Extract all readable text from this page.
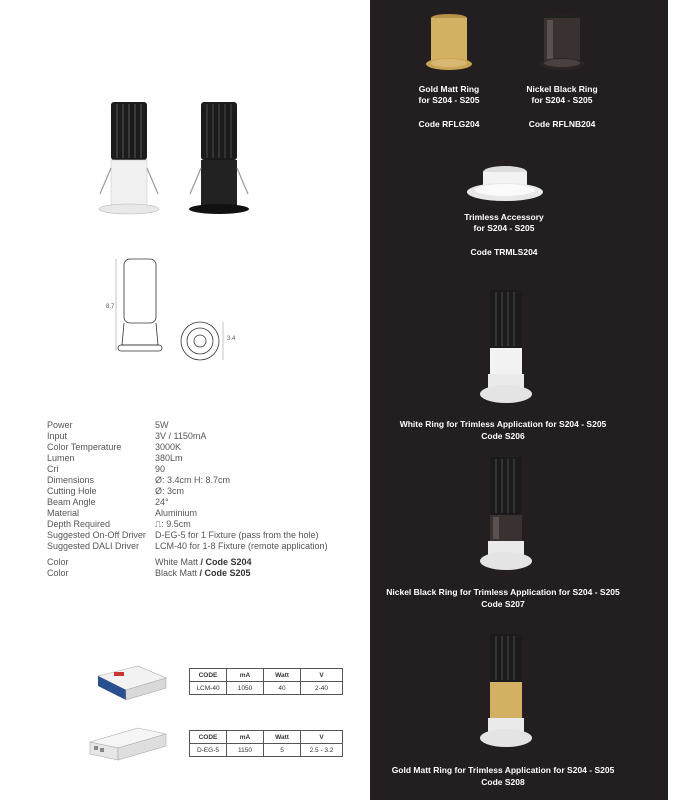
8.7
3.4
Power	5W
Input	3V / 1150mA
Color Temperature	3000K
Lumen	380Lm
Cri	90
Dimensions	Ø: 3.4cm H: 8.7cm
Cutting Hole	Ø: 3cm
Beam Angle	24°
Material	Aluminium
Depth Required	⎍: 9.5cm
Suggested On-Off Driver	D-EG-5 for 1 Fixture (pass from the hole)
Suggested DALI Driver	LCM-40 for 1-8 Fixture (remote application)
Color	White Matt / Code S204
Color	Black Matt / Code S205
CODE	mA	Watt	V
LCM-40	1050	40	2-40
CODE	mA	Watt	V
D-EG-5	1150	5	2.5 - 3.2
Gold Matt Ring
for S204 - S205
Code RFLG204
Nickel Black Ring
for S204 - S205
Code RFLNB204
Trimless Accessory
for S204 - S205
Code TRMLS204
White Ring for Trimless Application for S204 - S205
Code S206
Nickel Black Ring for Trimless Application for S204 - S205
Code S207
Gold Matt Ring for Trimless Application for S204 - S205
Code S208
